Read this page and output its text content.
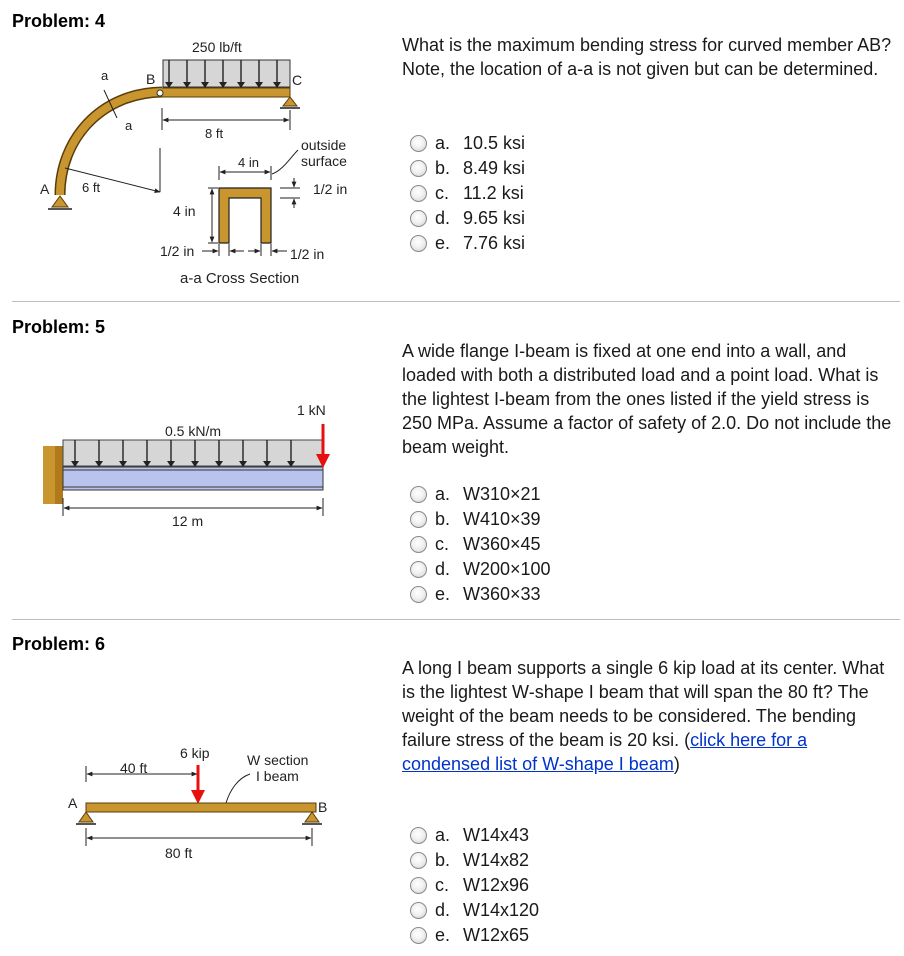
Problem: 4
250 lb/ft
A
B	C
a
a
8 ft
6 ft
4 in
outside
surface
1/2 in
4 in
1/2 in	1/2 in
a-a Cross Section
What is the maximum bending stress for curved member AB? Note, the location of a-a is not given but can be determined.
a. 10.5 ksi
b. 8.49 ksi
c. 11.2 ksi
d. 9.65 ksi
e. 7.76 ksi
Problem: 5
0.5 kN/m
1 kN
12 m
A wide flange I-beam is fixed at one end into a wall, and loaded with both a distributed load and a point load. What is the lightest I-beam from the ones listed if the yield stress is 250 MPa. Assume a factor of safety of 2.0. Do not include the beam weight.
a. W310×21
b. W410×39
c. W360×45
d. W200×100
e. W360×33
Problem: 6
40 ft
6 kip	W section
I beam
A	B
80 ft
A long I beam supports a single 6 kip load at its center. What is the lightest W-shape I beam that will span the 80 ft? The weight of the beam needs to be considered. The bending failure stress of the beam is 20 ksi. (click here for a condensed list of W-shape I beam)
a. W14x43
b. W14x82
c. W12x96
d. W14x120
e. W12x65
